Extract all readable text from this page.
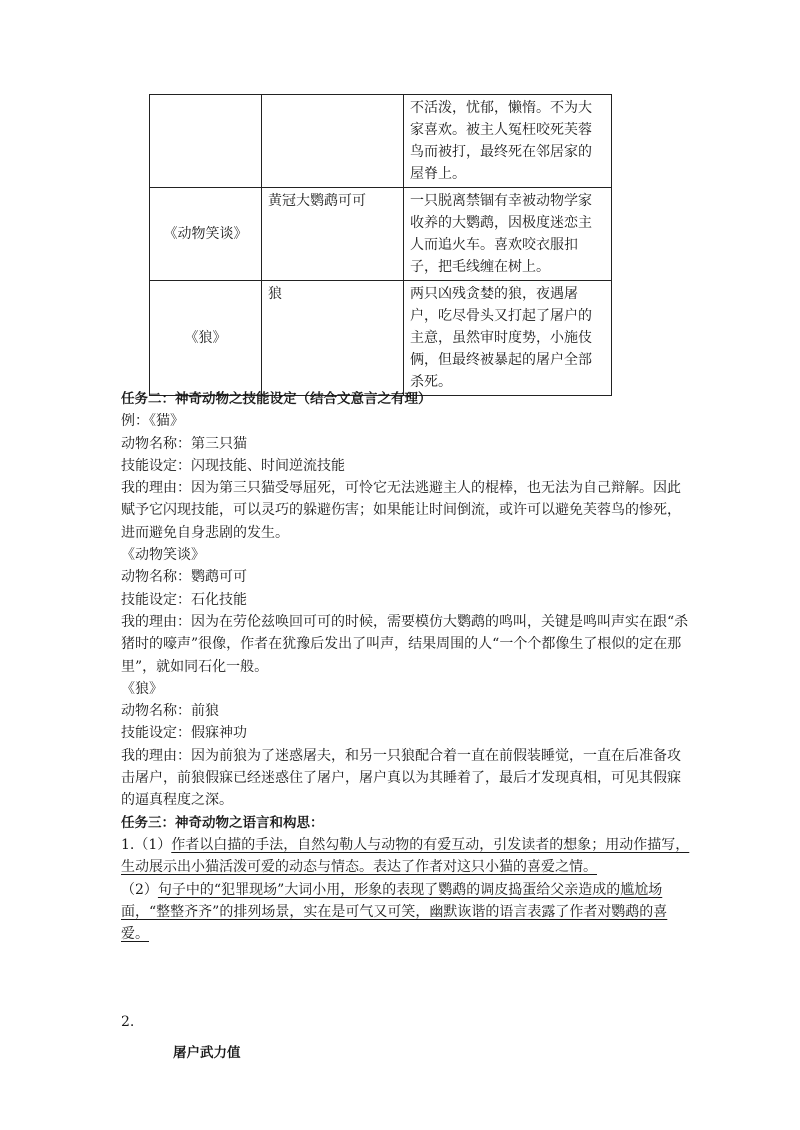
		不活泼，忧郁，懒惰。不为大家喜欢。被主人冤枉咬死芙蓉鸟而被打，最终死在邻居家的屋脊上。
《动物笑谈》	黄冠大鹦鹉可可	一只脱离禁锢有幸被动物学家收养的大鹦鹉，因极度迷恋主人而追火车。喜欢咬衣服扣子，把毛线缠在树上。
《狼》	狼	两只凶残贪婪的狼，夜遇屠户，吃尽骨头又打起了屠户的主意，虽然审时度势，小施伎俩，但最终被暴起的屠户全部杀死。

任务二：神奇动物之技能设定（结合文意言之有理）

例：《猫》

动物名称：第三只猫

技能设定：闪现技能、时间逆流技能

我的理由：因为第三只猫受辱屈死，可怜它无法逃避主人的棍棒，也无法为自己辩解。因此赋予它闪现技能，可以灵巧的躲避伤害；如果能让时间倒流，或许可以避免芙蓉鸟的惨死，进而避免自身悲剧的发生。

《动物笑谈》

动物名称：鹦鹉可可

技能设定：石化技能

我的理由：因为在劳伦兹唤回可可的时候，需要模仿大鹦鹉的鸣叫，关键是鸣叫声实在跟“杀猪时的嚎声”很像，作者在犹豫后发出了叫声，结果周围的人“一个个都像生了根似的定在那里”，就如同石化一般。

《狼》

动物名称：前狼

技能设定：假寐神功

我的理由：因为前狼为了迷惑屠夫，和另一只狼配合着一直在前假装睡觉，一直在后准备攻击屠户，前狼假寐已经迷惑住了屠户，屠户真以为其睡着了，最后才发现真相，可见其假寐的逼真程度之深。

任务三：神奇动物之语言和构思：

1.（1）作者以白描的手法，自然勾勒人与动物的有爱互动，引发读者的想象；用动作描写，生动展示出小猫活泼可爱的动态与情态。表达了作者对这只小猫的喜爱之情。

（2）句子中的“犯罪现场”大词小用，形象的表现了鹦鹉的调皮捣蛋给父亲造成的尴尬场面，“整整齐齐”的排列场景，实在是可气又可笑，幽默诙谐的语言表露了作者对鹦鹉的喜爱。

2.

屠户武力值
